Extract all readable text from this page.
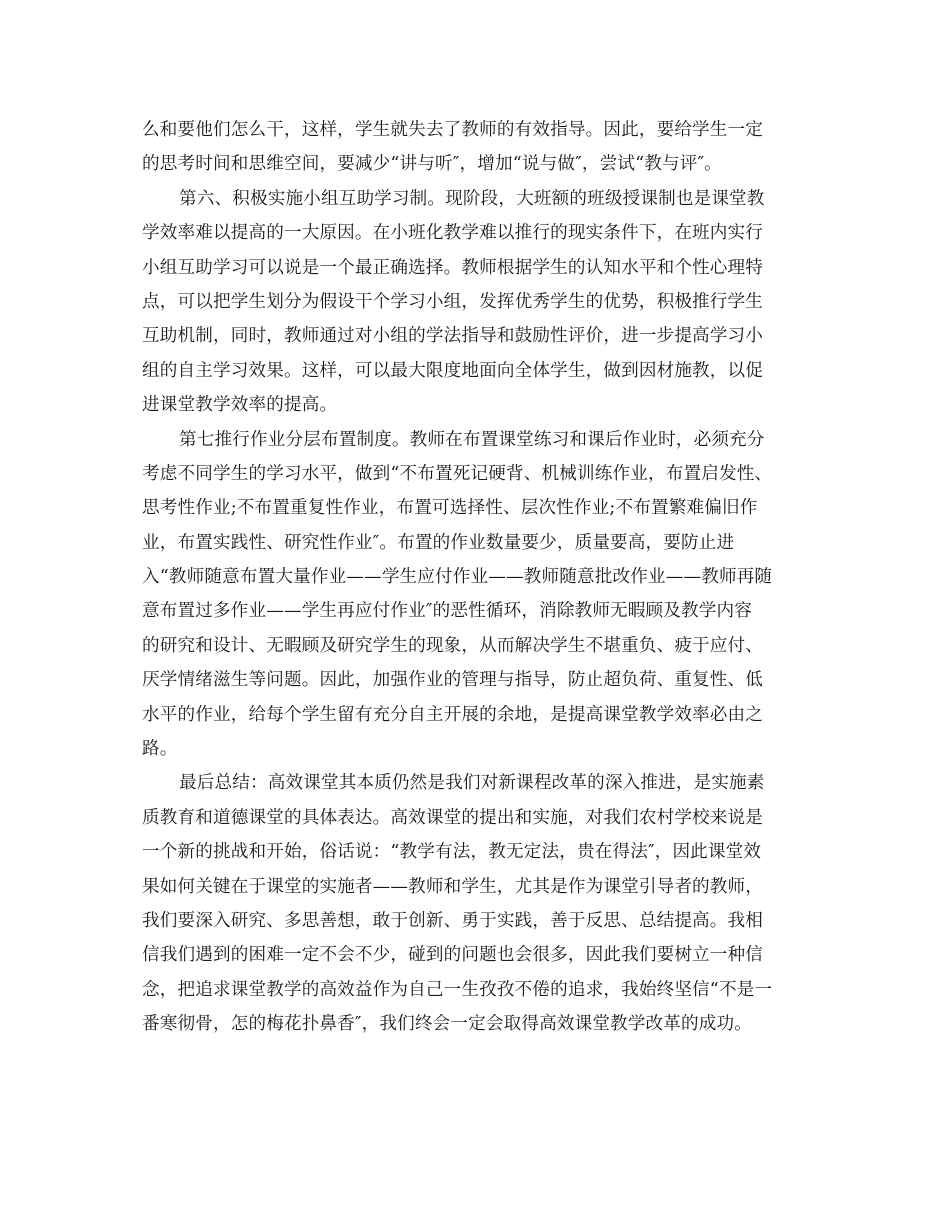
么和要他们怎么干，这样，学生就失去了教师的有效指导。因此，要给学生一定
的思考时间和思维空间，要减少“讲与听″，增加“说与做″，尝试“教与评″。
第六、积极实施小组互助学习制。现阶段，大班额的班级授课制也是课堂教
学效率难以提高的一大原因。在小班化教学难以推行的现实条件下，在班内实行
小组互助学习可以说是一个最正确选择。教师根据学生的认知水平和个性心理特
点，可以把学生划分为假设干个学习小组，发挥优秀学生的优势，积极推行学生
互助机制，同时，教师通过对小组的学法指导和鼓励性评价，进一步提高学习小
组的自主学习效果。这样，可以最大限度地面向全体学生，做到因材施教，以促
进课堂教学效率的提高。
第七推行作业分层布置制度。教师在布置课堂练习和课后作业时，必须充分
考虑不同学生的学习水平，做到“不布置死记硬背、机械训练作业，布置启发性、
思考性作业;不布置重复性作业，布置可选择性、层次性作业;不布置繁难偏旧作
业，布置实践性、研究性作业″。布置的作业数量要少，质量要高，要防止进
入“教师随意布置大量作业——学生应付作业——教师随意批改作业——教师再随
意布置过多作业——学生再应付作业″的恶性循环，消除教师无暇顾及教学内容
的研究和设计、无暇顾及研究学生的现象，从而解决学生不堪重负、疲于应付、
厌学情绪滋生等问题。因此，加强作业的管理与指导，防止超负荷、重复性、低
水平的作业，给每个学生留有充分自主开展的余地，是提高课堂教学效率必由之
路。
最后总结：高效课堂其本质仍然是我们对新课程改革的深入推进，是实施素
质教育和道德课堂的具体表达。高效课堂的提出和实施，对我们农村学校来说是
一个新的挑战和开始，俗话说：“教学有法，教无定法，贵在得法″，因此课堂效
果如何关键在于课堂的实施者——教师和学生，尤其是作为课堂引导者的教师，
我们要深入研究、多思善想，敢于创新、勇于实践，善于反思、总结提高。我相
信我们遇到的困难一定不会不少，碰到的问题也会很多，因此我们要树立一种信
念，把追求课堂教学的高效益作为自己一生孜孜不倦的追求，我始终坚信“不是一
番寒彻骨，怎的梅花扑鼻香″，我们终会一定会取得高效课堂教学改革的成功。
